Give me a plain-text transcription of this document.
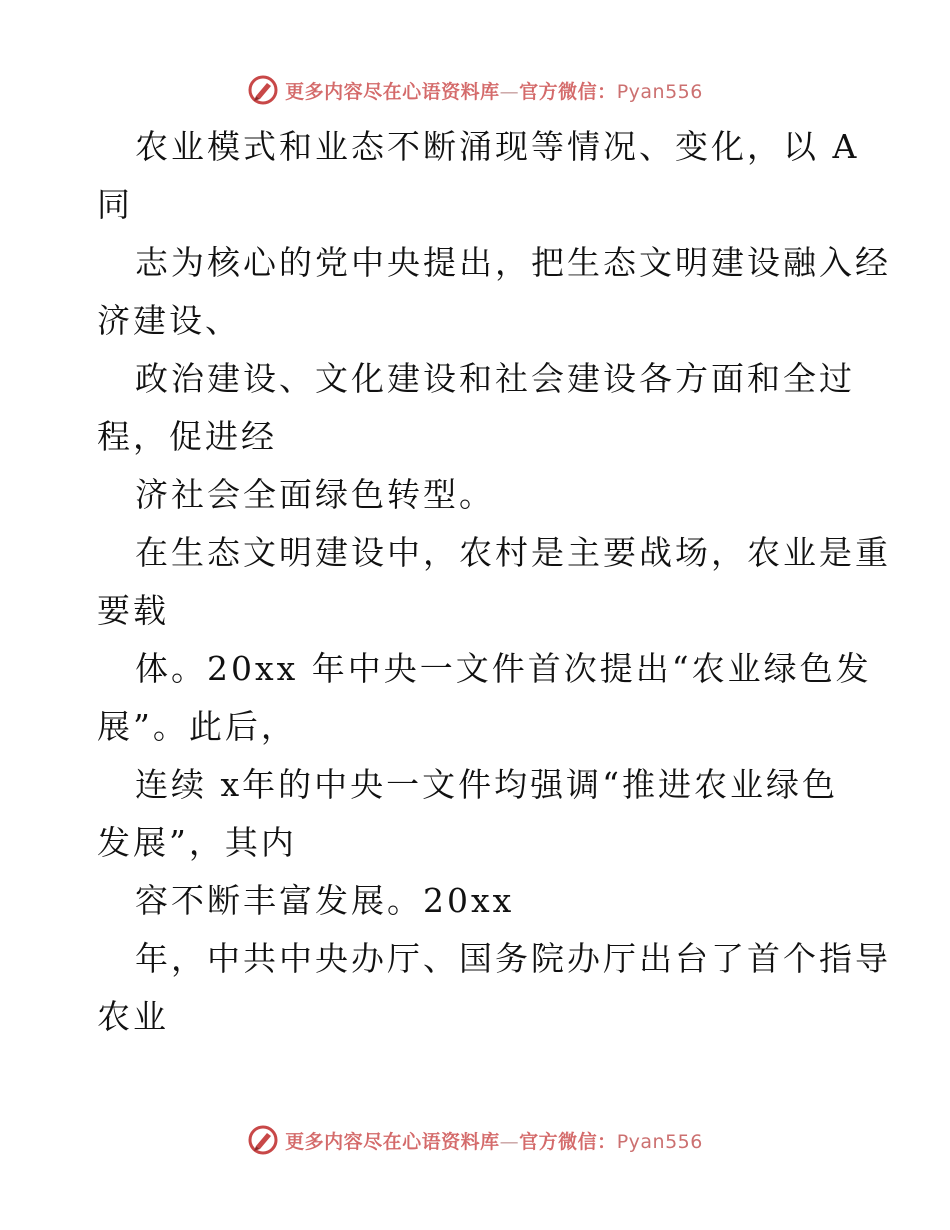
更多内容尽在心语资料库—官方微信：Pyan556
农业模式和业态不断涌现等情况、变化，以 A
同
志为核心的党中央提出，把生态文明建设融入经
济建设、
政治建设、文化建设和社会建设各方面和全过
程，促进经
济社会全面绿色转型。
在生态文明建设中，农村是主要战场，农业是重
要载
体。20xx 年中央一文件首次提出“农业绿色发
展”。此后，
连续 x年的中央一文件均强调“推进农业绿色
发展”，其内
容不断丰富发展。20xx
年，中共中央办厅、国务院办厅出台了首个指导
农业
更多内容尽在心语资料库—官方微信：Pyan556
